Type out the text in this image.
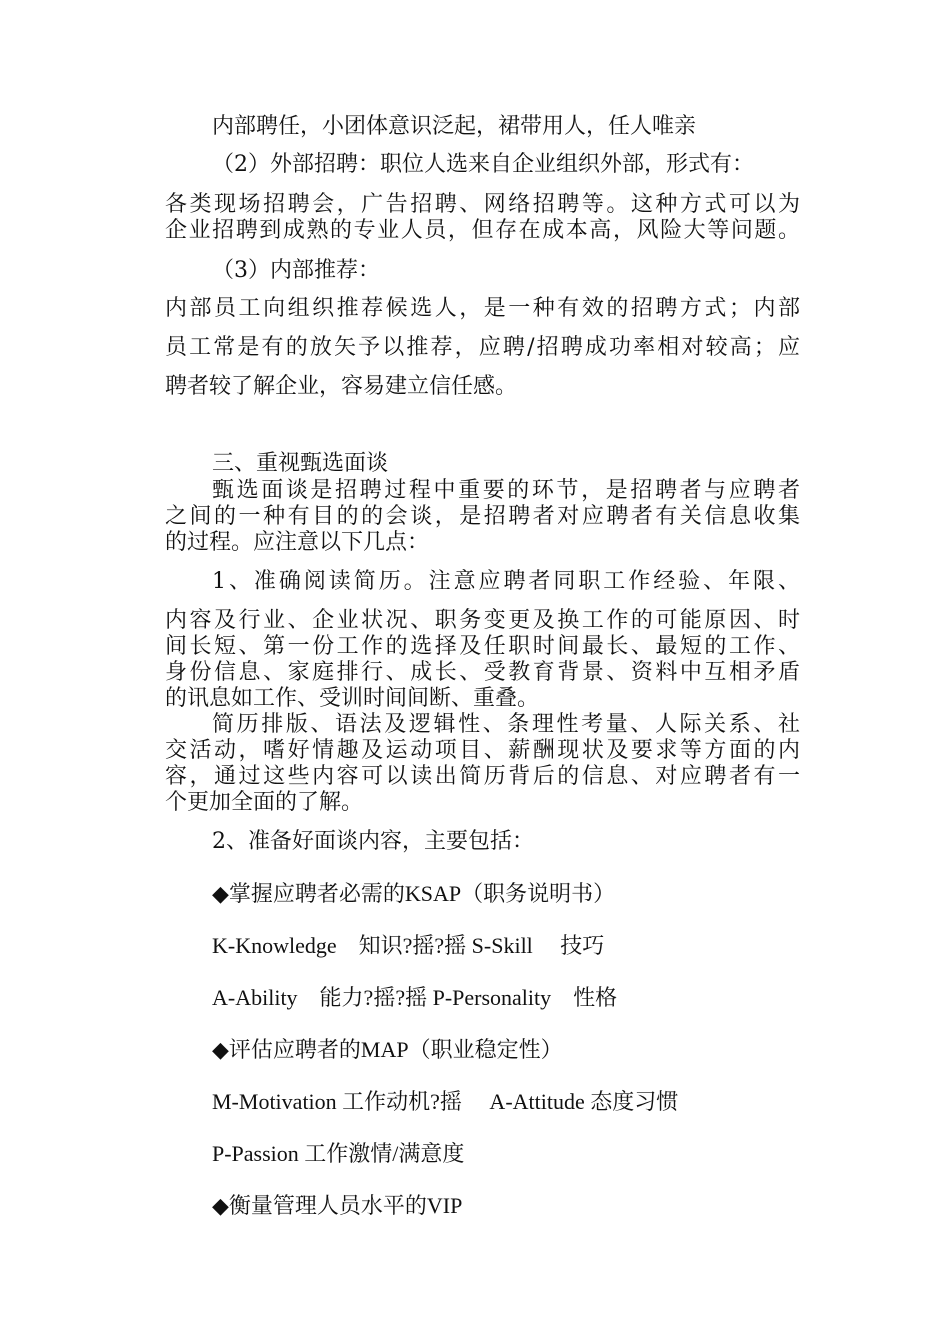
内部聘任，小团体意识泛起，裙带用人，任人唯亲
（2）外部招聘：职位人选来自企业组织外部，形式有：
各类现场招聘会，广告招聘、网络招聘等。这种方式可以为
企业招聘到成熟的专业人员，但存在成本高，风险大等问题。
（3）内部推荐：
内部员工向组织推荐候选人，是一种有效的招聘方式；内部
员工常是有的放矢予以推荐，应聘/招聘成功率相对较高；应
聘者较了解企业，容易建立信任感。
三、重视甄选面谈
甄选面谈是招聘过程中重要的环节，是招聘者与应聘者
之间的一种有目的的会谈，是招聘者对应聘者有关信息收集
的过程。应注意以下几点：
1、准确阅读简历。注意应聘者同职工作经验、年限、
内容及行业、企业状况、职务变更及换工作的可能原因、时
间长短、第一份工作的选择及任职时间最长、最短的工作、
身份信息、家庭排行、成长、受教育背景、资料中互相矛盾
的讯息如工作、受训时间间断、重叠。
简历排版、语法及逻辑性、条理性考量、人际关系、社
交活动，嗜好情趣及运动项目、薪酬现状及要求等方面的内
容，通过这些内容可以读出简历背后的信息、对应聘者有一
个更加全面的了解。
2、准备好面谈内容，主要包括：
◆掌握应聘者必需的KSAP（职务说明书）
K-Knowledge　知识?摇?摇 S-Skill　 技巧
A-Ability　能力?摇?摇 P-Personality　性格
◆评估应聘者的MAP（职业稳定性）
M-Motivation 工作动机?摇　 A-Attitude 态度习惯
P-Passion 工作激情/满意度
◆衡量管理人员水平的VIP
